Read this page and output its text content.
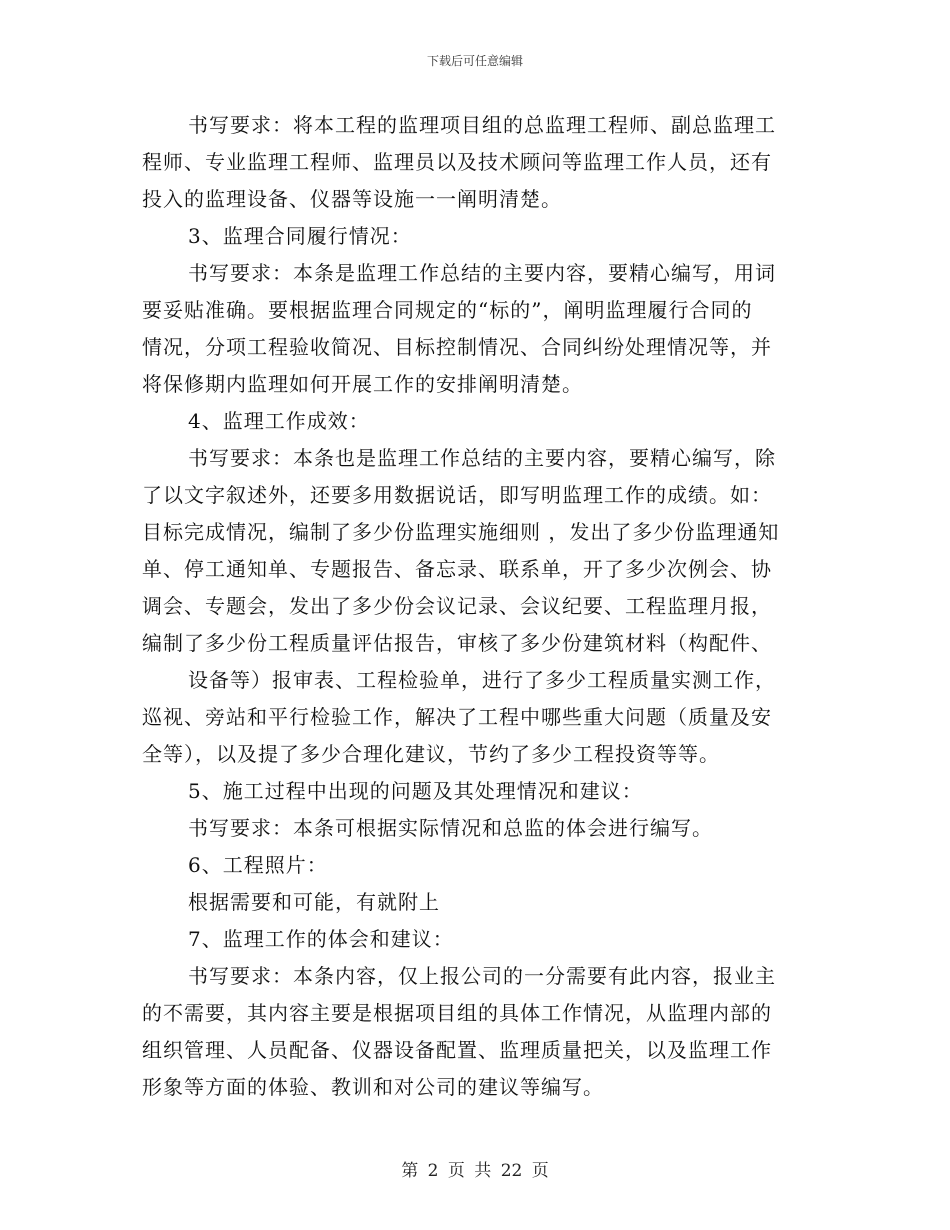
下载后可任意编辑
书写要求：将本工程的监理项目组的总监理工程师、副总监理工
程师、专业监理工程师、监理员以及技术顾问等监理工作人员，还有
投入的监理设备、仪器等设施一一阐明清楚。
3、监理合同履行情况：
书写要求：本条是监理工作总结的主要内容，要精心编写，用词
要妥贴准确。要根据监理合同规定的“标的”，阐明监理履行合同的
情况，分项工程验收简况、目标控制情况、合同纠纷处理情况等，并
将保修期内监理如何开展工作的安排阐明清楚。
4、监理工作成效：
书写要求：本条也是监理工作总结的主要内容，要精心编写，除
了以文字叙述外，还要多用数据说话，即写明监理工作的成绩。如：
目标完成情况，编制了多少份监理实施细则 ，发出了多少份监理通知
单、停工通知单、专题报告、备忘录、联系单，开了多少次例会、协
调会、专题会，发出了多少份会议记录、会议纪要、工程监理月报，
编制了多少份工程质量评估报告，审核了多少份建筑材料（构配件、
设备等）报审表、工程检验单，进行了多少工程质量实测工作，
巡视、旁站和平行检验工作，解决了工程中哪些重大问题（质量及安
全等），以及提了多少合理化建议，节约了多少工程投资等等。
5、施工过程中出现的问题及其处理情况和建议：
书写要求：本条可根据实际情况和总监的体会进行编写。
6、工程照片：
根据需要和可能，有就附上
7、监理工作的体会和建议：
书写要求：本条内容，仅上报公司的一分需要有此内容，报业主
的不需要，其内容主要是根据项目组的具体工作情况，从监理内部的
组织管理、人员配备、仪器设备配置、监理质量把关，以及监理工作
形象等方面的体验、教训和对公司的建议等编写。
第 2 页 共 22 页
